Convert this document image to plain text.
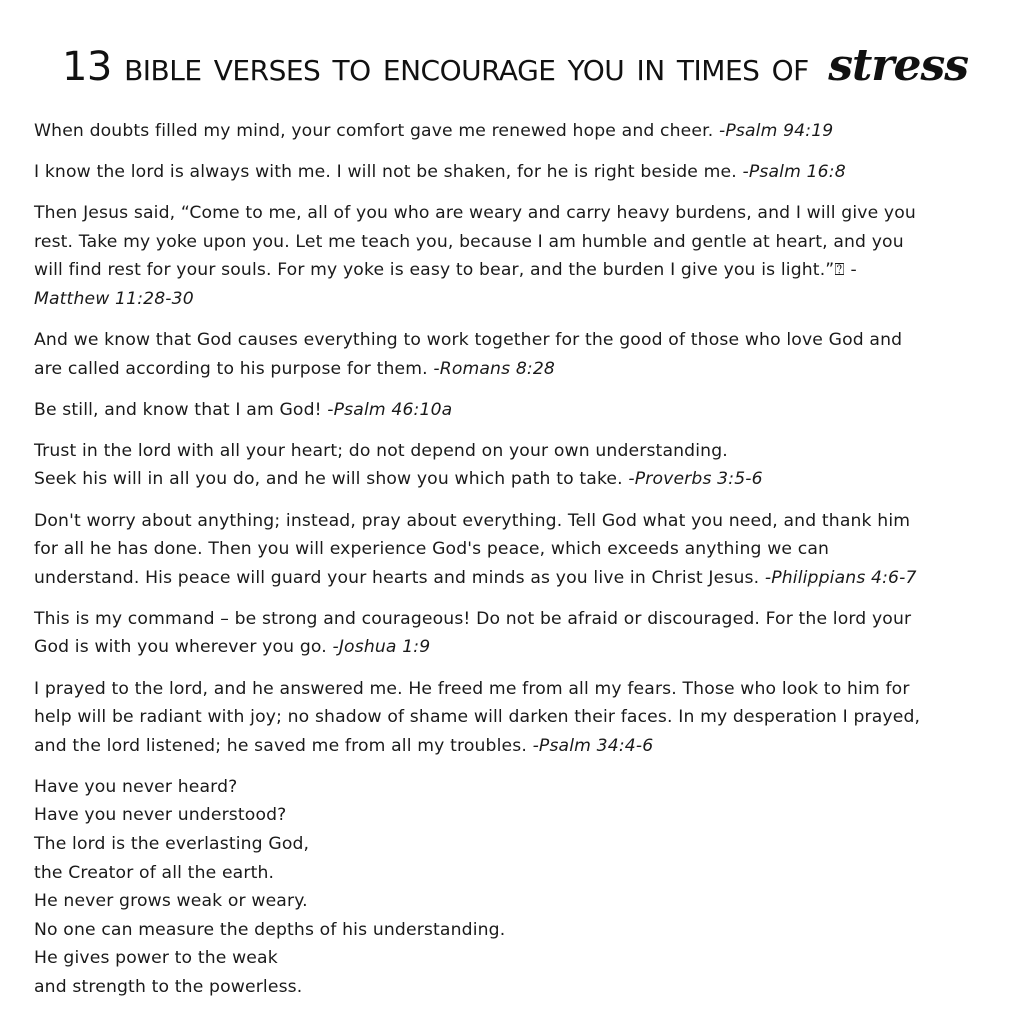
13 bible verses to encourage you in times of stress

When doubts filled my mind, your comfort gave me renewed hope and cheer. -Psalm 94:19

I know the lord is always with me. I will not be shaken, for he is right beside me. -Psalm 16:8

Then Jesus said, “Come to me, all of you who are weary and carry heavy burdens, and I will give you
rest. Take my yoke upon you. Let me teach you, because I am humble and gentle at heart, and you
will find rest for your souls. For my yoke is easy to bear, and the burden I give you is light.”⍰ -
Matthew 11:28-30

And we know that God causes everything to work together for the good of those who love God and
are called according to his purpose for them. -Romans 8:28

Be still, and know that I am God! -Psalm 46:10a

Trust in the lord with all your heart; do not depend on your own understanding.
Seek his will in all you do, and he will show you which path to take. -Proverbs 3:5-6

Don't worry about anything; instead, pray about everything. Tell God what you need, and thank him
for all he has done. Then you will experience God's peace, which exceeds anything we can
understand. His peace will guard your hearts and minds as you live in Christ Jesus. -Philippians 4:6-7

This is my command – be strong and courageous! Do not be afraid or discouraged. For the lord your
God is with you wherever you go. -Joshua 1:9

I prayed to the lord, and he answered me. He freed me from all my fears. Those who look to him for
help will be radiant with joy; no shadow of shame will darken their faces. In my desperation I prayed,
and the lord listened; he saved me from all my troubles. -Psalm 34:4-6

Have you never heard?
Have you never understood?
The lord is the everlasting God,
the Creator of all the earth.
He never grows weak or weary.
No one can measure the depths of his understanding.
He gives power to the weak
and strength to the powerless.
